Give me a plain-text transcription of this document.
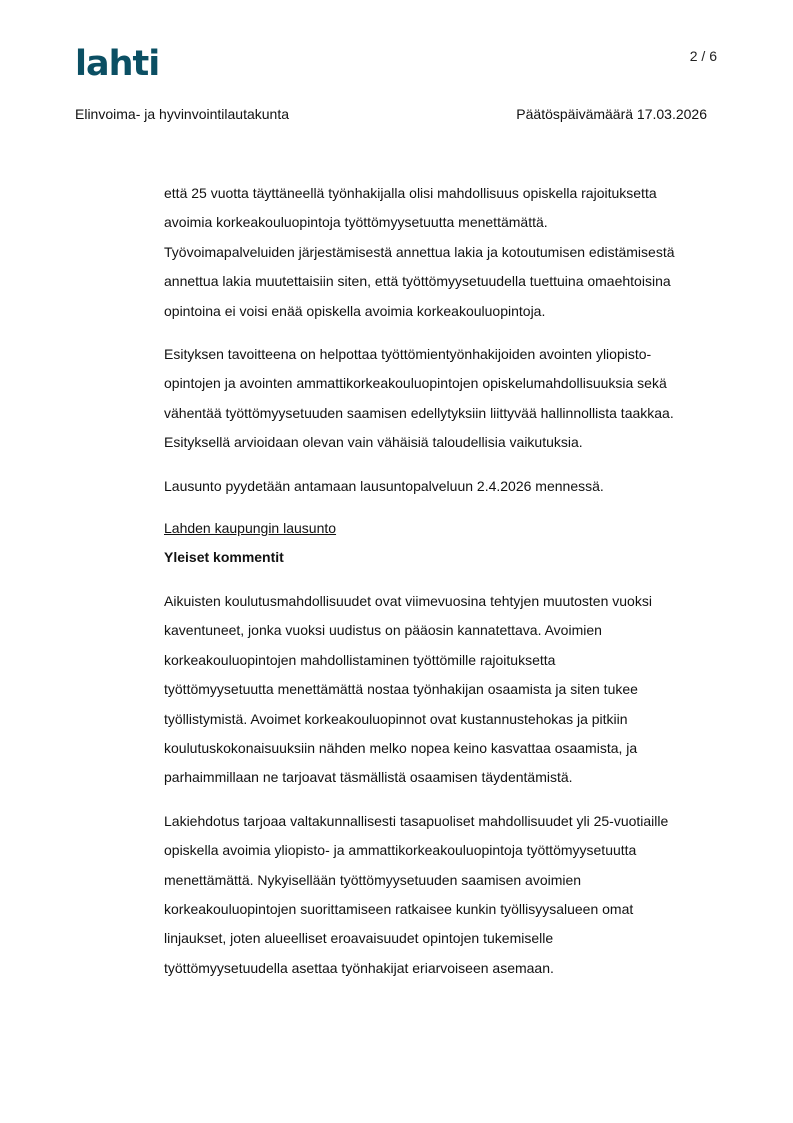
lahti	2 / 6
Elinvoima- ja hyvinvointilautakunta	Päätöspäivämäärä 17.03.2026

että 25 vuotta täyttäneellä työnhakijalla olisi mahdollisuus opiskella rajoituksetta
avoimia korkeakouluopintoja työttömyysetuutta menettämättä.
Työvoimapalveluiden järjestämisestä annettua lakia ja kotoutumisen edistämisestä
annettua lakia muutettaisiin siten, että työttömyysetuudella tuettuina omaehtoisina
opintoina ei voisi enää opiskella avoimia korkeakouluopintoja.

Esityksen tavoitteena on helpottaa työttömientyönhakijoiden avointen yliopisto-
opintojen ja avointen ammattikorkeakouluopintojen opiskelumahdollisuuksia sekä
vähentää työttömyysetuuden saamisen edellytyksiin liittyvää hallinnollista taakkaa.
Esityksellä arvioidaan olevan vain vähäisiä taloudellisia vaikutuksia.

Lausunto pyydetään antamaan lausuntopalveluun 2.4.2026 mennessä.

Lahden kaupungin lausunto

Yleiset kommentit

Aikuisten koulutusmahdollisuudet ovat viimevuosina tehtyjen muutosten vuoksi
kaventuneet, jonka vuoksi uudistus on pääosin kannatettava. Avoimien
korkeakouluopintojen mahdollistaminen työttömille rajoituksetta
työttömyysetuutta menettämättä nostaa työnhakijan osaamista ja siten tukee
työllistymistä. Avoimet korkeakouluopinnot ovat kustannustehokas ja pitkiin
koulutuskokonaisuuksiin nähden melko nopea keino kasvattaa osaamista, ja
parhaimmillaan ne tarjoavat täsmällistä osaamisen täydentämistä.

Lakiehdotus tarjoaa valtakunnallisesti tasapuoliset mahdollisuudet yli 25-vuotiaille
opiskella avoimia yliopisto- ja ammattikorkeakouluopintoja työttömyysetuutta
menettämättä. Nykyisellään työttömyysetuuden saamisen avoimien
korkeakouluopintojen suorittamiseen ratkaisee kunkin työllisyysalueen omat
linjaukset, joten alueelliset eroavaisuudet opintojen tukemiselle
työttömyysetuudella asettaa työnhakijat eriarvoiseen asemaan.
